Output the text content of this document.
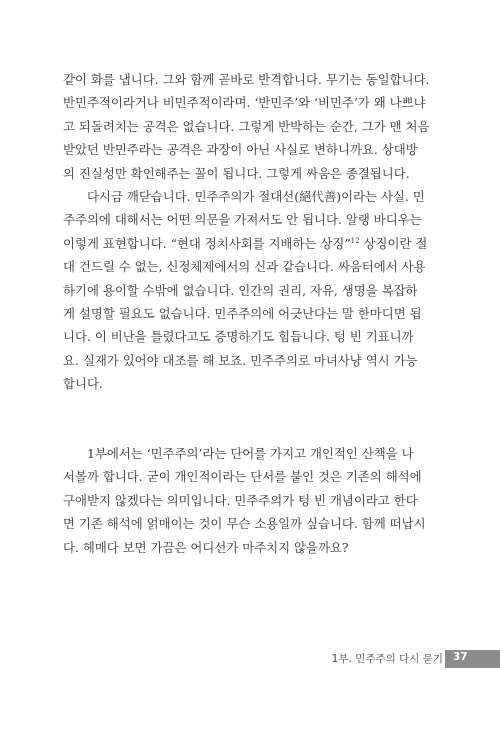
같이 화를 냅니다. 그와 함께 곧바로 반격합니다. 무기는 동일합니다.
반민주적이라거나 비민주적이라며. ‘반민주’와 ‘비민주’가 왜 나쁘냐
고 되돌려치는 공격은 없습니다. 그렇게 반박하는 순간, 그가 맨 처음
받았던 반민주라는 공격은 과장이 아닌 사실로 변하니까요. 상대방
의 진실성만 확인해주는 꼴이 됩니다. 그렇게 싸움은 종결됩니다.
다시금 깨닫습니다. 민주주의가 절대선(絕代善)이라는 사실. 민
주주의에 대해서는 어떤 의문을 가져서도 안 됩니다. 알랭 바디우는
이렇게 표현합니다. “현대 정치사회를 지배하는 상징”$^{12}$ 상징이란 절
대 건드릴 수 없는, 신정체제에서의 신과 같습니다. 싸움터에서 사용
하기에 용이할 수밖에 없습니다. 인간의 권리, 자유, 생명을 복잡하
게 설명할 필요도 없습니다. 민주주의에 어긋난다는 말 한마디면 됩
니다. 이 비난을 틀렸다고도 증명하기도 힘듭니다. 텅 빈 기표니까
요. 실재가 있어야 대조를 해 보죠. 민주주의로 마녀사냥 역시 가능
합니다.
1부에서는 ‘민주주의’라는 단어를 가지고 개인적인 산책을 나
서볼까 합니다. 굳이 개인적이라는 단서를 붙인 것은 기존의 해석에
구애받지 않겠다는 의미입니다. 민주주의가 텅 빈 개념이라고 한다
면 기존 해석에 얽매이는 것이 무슨 소용일까 싶습니다. 함께 떠납시
다. 헤매다 보면 가끔은 어디선가 마주치지 않을까요?
1부. 민주주의 다시 묻기 37
